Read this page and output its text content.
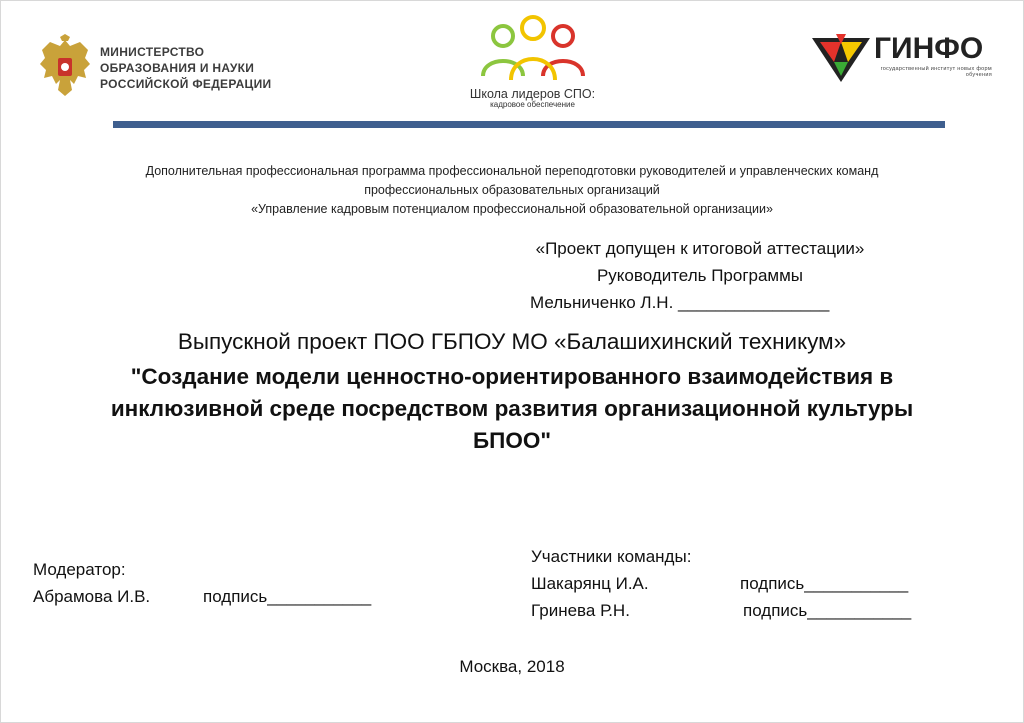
МИНИСТЕРСТВО
ОБРАЗОВАНИЯ И НАУКИ
РОССИЙСКОЙ ФЕДЕРАЦИИ
Школа лидеров СПО:
кадровое обеспечение
ГИНФО
государственный институт новых форм обучения
Дополнительная профессиональная программа профессиональной переподготовки руководителей и управленческих команд
профессиональных образовательных организаций
«Управление кадровым потенциалом профессиональной образовательной организации»
«Проект допущен к итоговой аттестации»
Руководитель Программы
Мельниченко Л.Н. ________________
Выпускной проект ПОО ГБПОУ МО «Балашихинский техникум»
"Создание модели ценностно-ориентированного взаимодействия в инклюзивной среде посредством развития организационной культуры БПОО"
Модератор:
Абрамова И.В.	подпись___________
Участники команды:
Шакарянц И.А.	подпись___________
Гринева Р.Н.	подпись___________
Москва, 2018
